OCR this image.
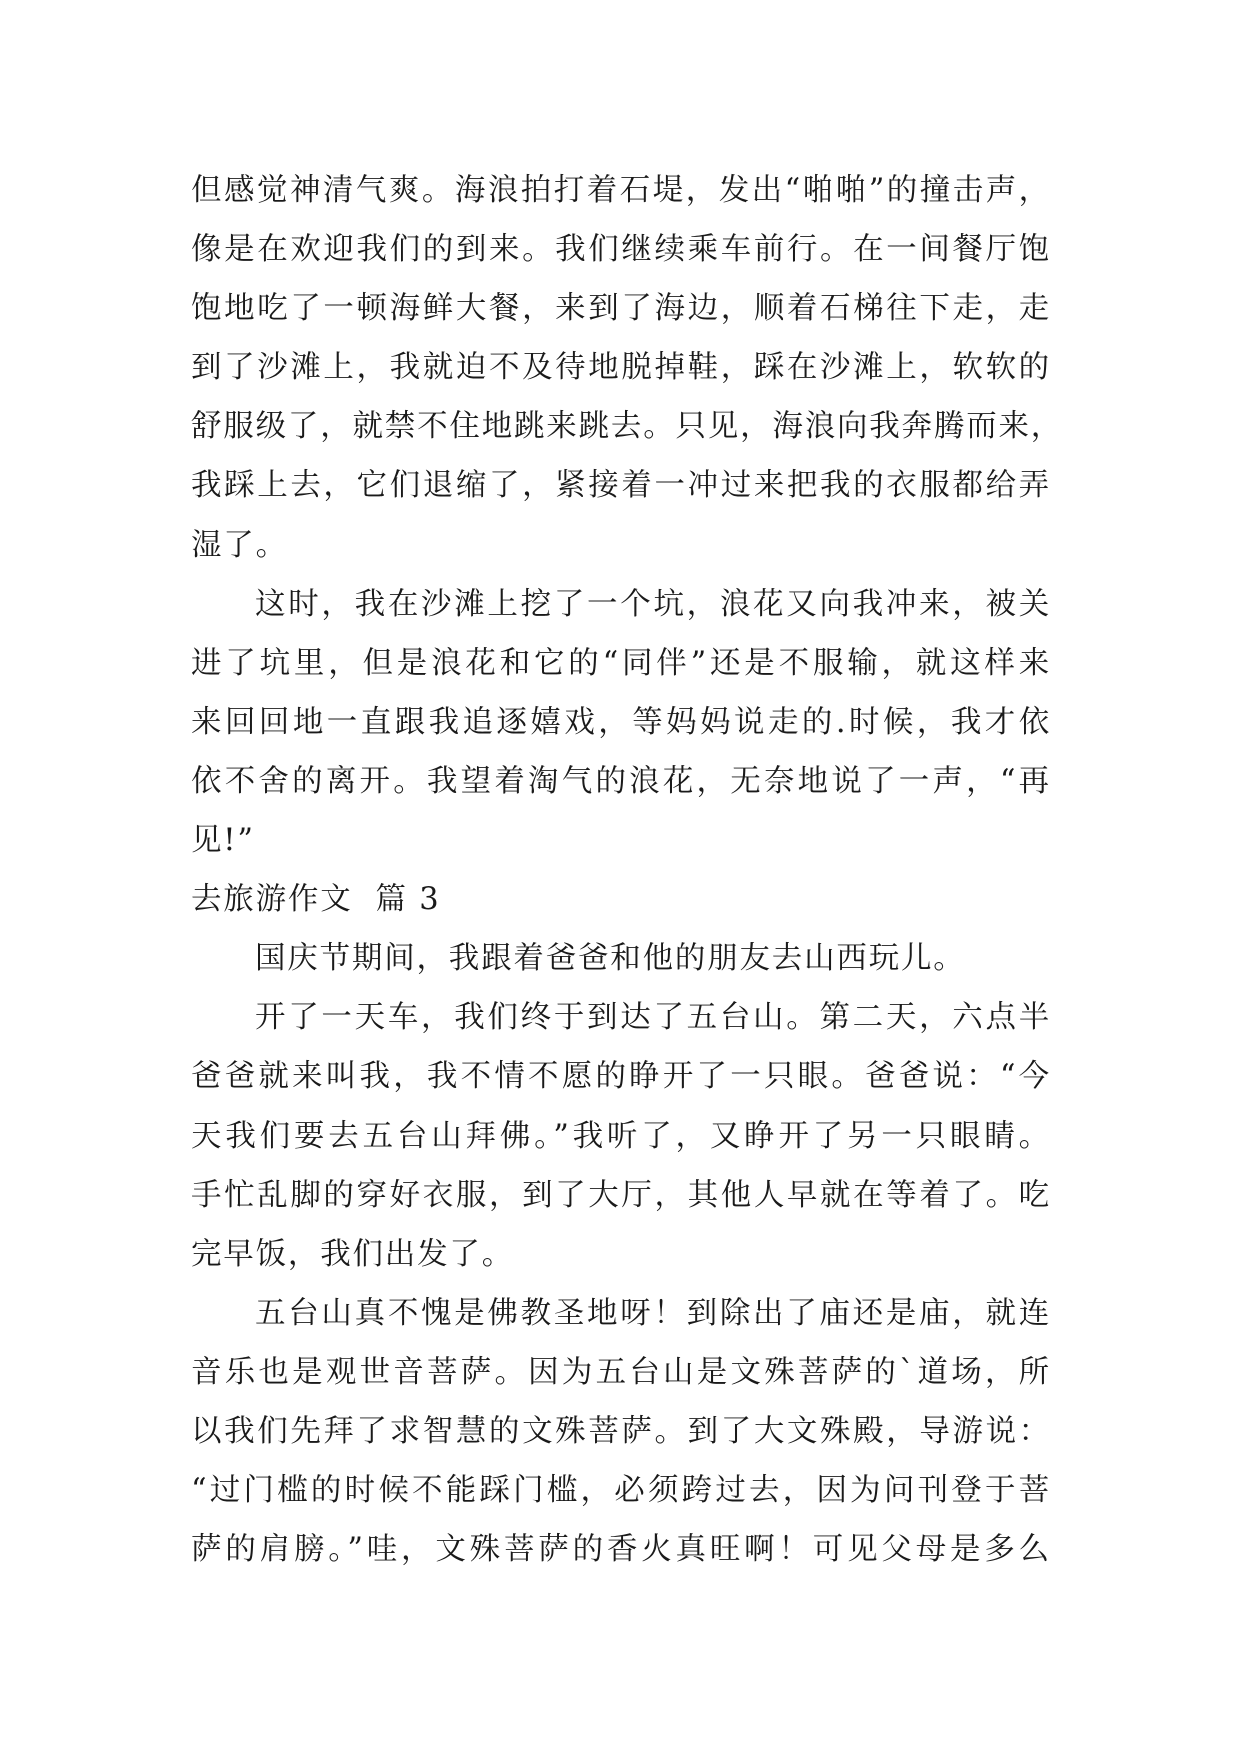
但感觉神清气爽。海浪拍打着石堤，发出“啪啪”的撞击声，
像是在欢迎我们的到来。我们继续乘车前行。在一间餐厅饱
饱地吃了一顿海鲜大餐，来到了海边，顺着石梯往下走，走
到了沙滩上，我就迫不及待地脱掉鞋，踩在沙滩上，软软的
舒服级了，就禁不住地跳来跳去。只见，海浪向我奔腾而来，
我踩上去，它们退缩了，紧接着一冲过来把我的衣服都给弄
湿了。
这时，我在沙滩上挖了一个坑，浪花又向我冲来，被关
进了坑里，但是浪花和它的“同伴”还是不服输，就这样来
来回回地一直跟我追逐嬉戏，等妈妈说走的.时候，我才依
依不舍的离开。我望着淘气的浪花，无奈地说了一声，“再
见!”
去旅游作文  篇 3
国庆节期间，我跟着爸爸和他的朋友去山西玩儿。
开了一天车，我们终于到达了五台山。第二天，六点半
爸爸就来叫我，我不情不愿的睁开了一只眼。爸爸说：“今
天我们要去五台山拜佛。”我听了，又睁开了另一只眼睛。
手忙乱脚的穿好衣服，到了大厅，其他人早就在等着了。吃
完早饭，我们出发了。
五台山真不愧是佛教圣地呀！到除出了庙还是庙，就连
音乐也是观世音菩萨。因为五台山是文殊菩萨的`道场，所
以我们先拜了求智慧的文殊菩萨。到了大文殊殿，导游说：
“过门槛的时候不能踩门槛，必须跨过去，因为问刊登于菩
萨的肩膀。”哇，文殊菩萨的香火真旺啊！可见父母是多么
